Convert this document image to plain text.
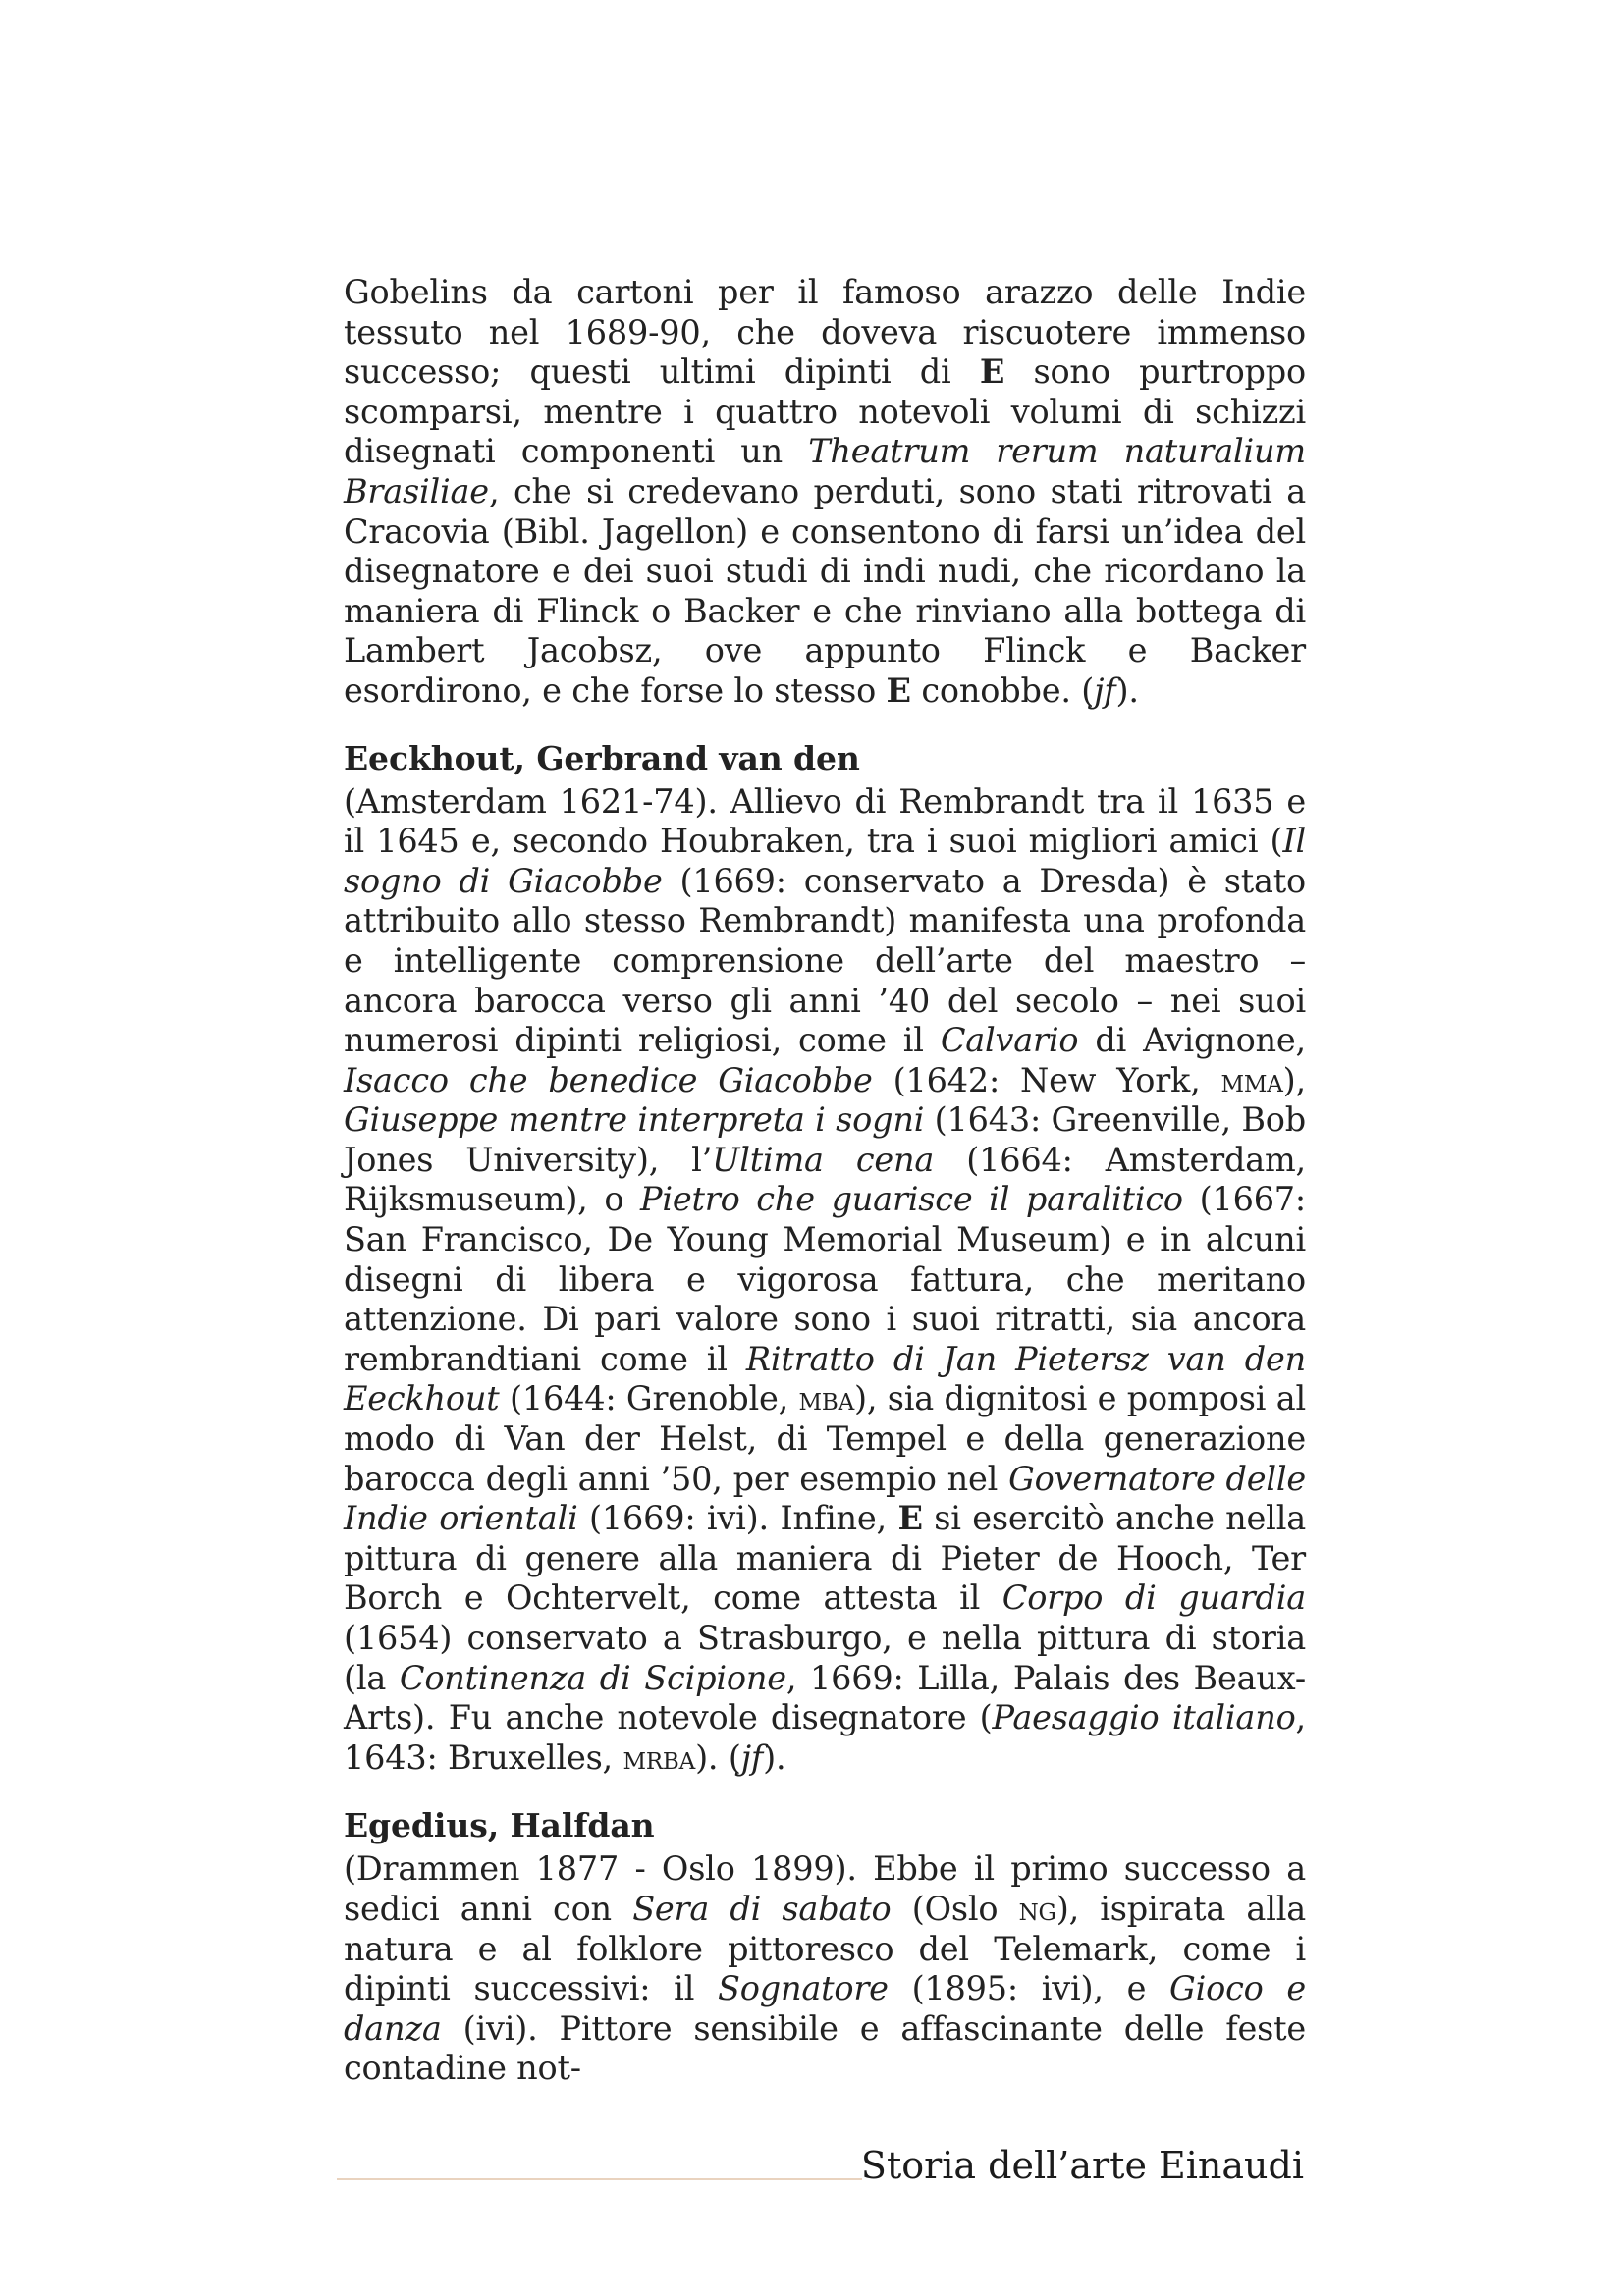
Gobelins da cartoni per il famoso arazzo delle Indie tessuto nel 1689-90, che doveva riscuotere immenso successo; questi ultimi dipinti di E sono purtroppo scomparsi, mentre i quattro notevoli volumi di schizzi disegnati componenti un Theatrum rerum naturalium Brasiliae, che si credevano perduti, sono stati ritrovati a Cracovia (Bibl. Jagellon) e consentono di farsi un’idea del disegnatore e dei suoi studi di indi nudi, che ricordano la maniera di Flinck o Backer e che rinviano alla bottega di Lambert Jacobsz, ove appunto Flinck e Backer esordirono, e che forse lo stesso E conobbe. (jf).

Eeckhout, Gerbrand van den

(Amsterdam 1621-74). Allievo di Rembrandt tra il 1635 e il 1645 e, secondo Houbraken, tra i suoi migliori amici (Il sogno di Giacobbe (1669: conservato a Dresda) è stato attribuito allo stesso Rembrandt) manifesta una profonda e intelligente comprensione dell’arte del maestro – ancora barocca verso gli anni ’40 del secolo – nei suoi numerosi dipinti religiosi, come il Calvario di Avignone, Isacco che benedice Giacobbe (1642: New York, mma), Giuseppe mentre interpreta i sogni (1643: Greenville, Bob Jones University), l’Ultima cena (1664: Amsterdam, Rijksmuseum), o Pietro che guarisce il paralitico (1667: San Francisco, De Young Memorial Museum) e in alcuni disegni di libera e vigorosa fattura, che meritano attenzione. Di pari valore sono i suoi ritratti, sia ancora rembrandtiani come il Ritratto di Jan Pietersz van den Eeckhout (1644: Grenoble, mba), sia dignitosi e pomposi al modo di Van der Helst, di Tempel e della generazione barocca degli anni ’50, per esempio nel Governatore delle Indie orientali (1669: ivi). Infine, E si esercitò anche nella pittura di genere alla maniera di Pieter de Hooch, Ter Borch e Ochtervelt, come attesta il Corpo di guardia (1654) conservato a Strasburgo, e nella pittura di storia (la Continenza di Scipione, 1669: Lilla, Palais des Beaux-Arts). Fu anche notevole disegnatore (Paesaggio italiano, 1643: Bruxelles, mrba). (jf).

Egedius, Halfdan

(Drammen 1877 - Oslo 1899). Ebbe il primo successo a sedici anni con Sera di sabato (Oslo ng), ispirata alla natura e al folklore pittoresco del Telemark, come i dipinti successivi: il Sognatore (1895: ivi), e Gioco e danza (ivi). Pittore sensibile e affascinante delle feste contadine not-

Storia dell’arte Einaudi
